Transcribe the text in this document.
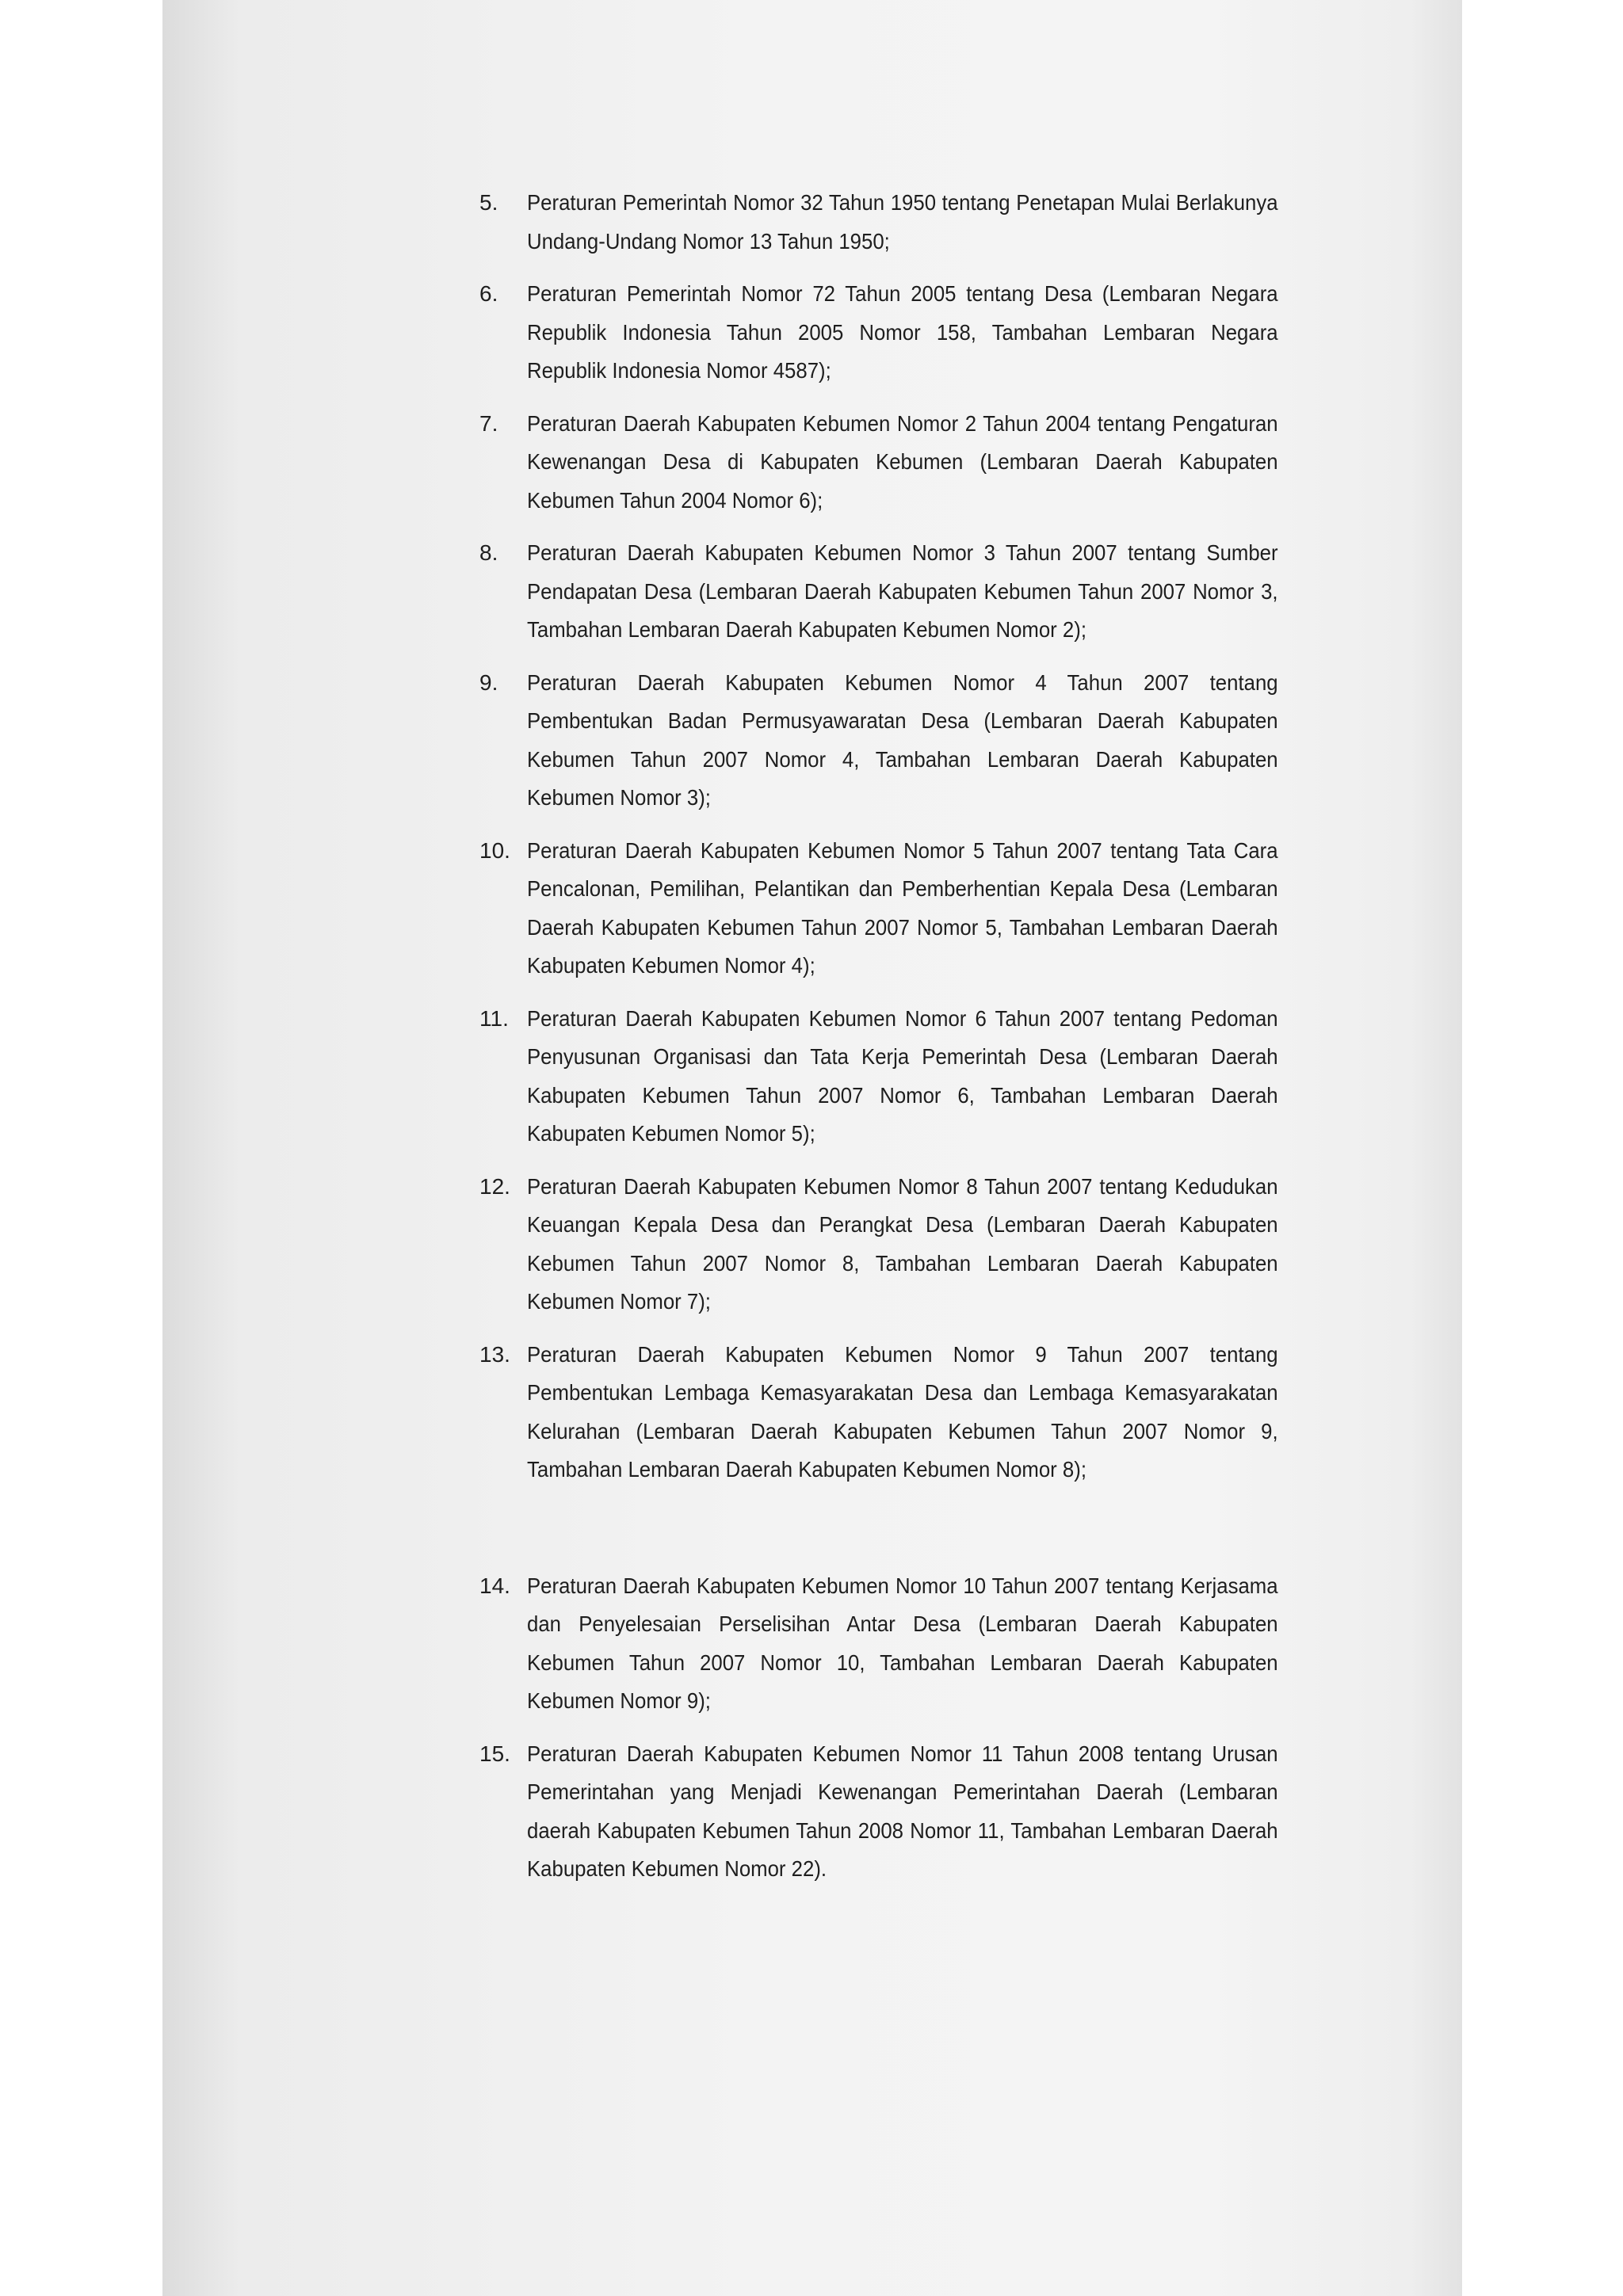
5. Peraturan Pemerintah Nomor 32 Tahun 1950 tentang Penetapan Mulai Berlakunya Undang-Undang Nomor 13 Tahun 1950;
6. Peraturan Pemerintah Nomor 72 Tahun 2005 tentang Desa (Lembaran Negara Republik Indonesia Tahun 2005 Nomor 158, Tambahan Lembaran Negara Republik Indonesia Nomor 4587);
7. Peraturan Daerah Kabupaten Kebumen Nomor 2 Tahun 2004 tentang Pengaturan Kewenangan Desa di Kabupaten Kebumen (Lembaran Daerah Kabupaten Kebumen Tahun 2004 Nomor 6);
8. Peraturan Daerah Kabupaten Kebumen Nomor 3 Tahun 2007 tentang Sumber Pendapatan Desa (Lembaran Daerah Kabupaten Kebumen Tahun 2007 Nomor 3, Tambahan Lembaran Daerah Kabupaten Kebumen Nomor 2);
9. Peraturan Daerah Kabupaten Kebumen Nomor 4 Tahun 2007 tentang Pembentukan Badan Permusyawaratan Desa (Lembaran Daerah Kabupaten Kebumen Tahun 2007 Nomor 4, Tambahan Lembaran Daerah Kabupaten Kebumen Nomor 3);
10. Peraturan Daerah Kabupaten Kebumen Nomor 5 Tahun 2007 tentang Tata Cara Pencalonan, Pemilihan, Pelantikan dan Pemberhentian Kepala Desa (Lembaran Daerah Kabupaten Kebumen Tahun 2007 Nomor 5, Tambahan Lembaran Daerah Kabupaten Kebumen Nomor 4);
11. Peraturan Daerah Kabupaten Kebumen Nomor 6 Tahun 2007 tentang Pedoman Penyusunan Organisasi dan Tata Kerja Pemerintah Desa (Lembaran Daerah Kabupaten Kebumen Tahun 2007 Nomor 6, Tambahan Lembaran Daerah Kabupaten Kebumen Nomor 5);
12. Peraturan Daerah Kabupaten Kebumen Nomor 8 Tahun 2007 tentang Kedudukan Keuangan Kepala Desa dan Perangkat Desa (Lembaran Daerah Kabupaten Kebumen Tahun 2007 Nomor 8, Tambahan Lembaran Daerah Kabupaten Kebumen Nomor 7);
13. Peraturan Daerah Kabupaten Kebumen Nomor 9 Tahun 2007 tentang Pembentukan Lembaga Kemasyarakatan Desa dan Lembaga Kemasyarakatan Kelurahan (Lembaran Daerah Kabupaten Kebumen Tahun 2007 Nomor 9, Tambahan Lembaran Daerah Kabupaten Kebumen Nomor 8);
14. Peraturan Daerah Kabupaten Kebumen Nomor 10 Tahun 2007 tentang Kerjasama dan Penyelesaian Perselisihan Antar Desa (Lembaran Daerah Kabupaten Kebumen Tahun 2007 Nomor 10, Tambahan Lembaran Daerah Kabupaten Kebumen Nomor 9);
15. Peraturan Daerah Kabupaten Kebumen Nomor 11 Tahun 2008 tentang Urusan Pemerintahan yang Menjadi Kewenangan Pemerintahan Daerah (Lembaran daerah Kabupaten Kebumen Tahun 2008 Nomor 11, Tambahan Lembaran Daerah Kabupaten Kebumen Nomor 22).
